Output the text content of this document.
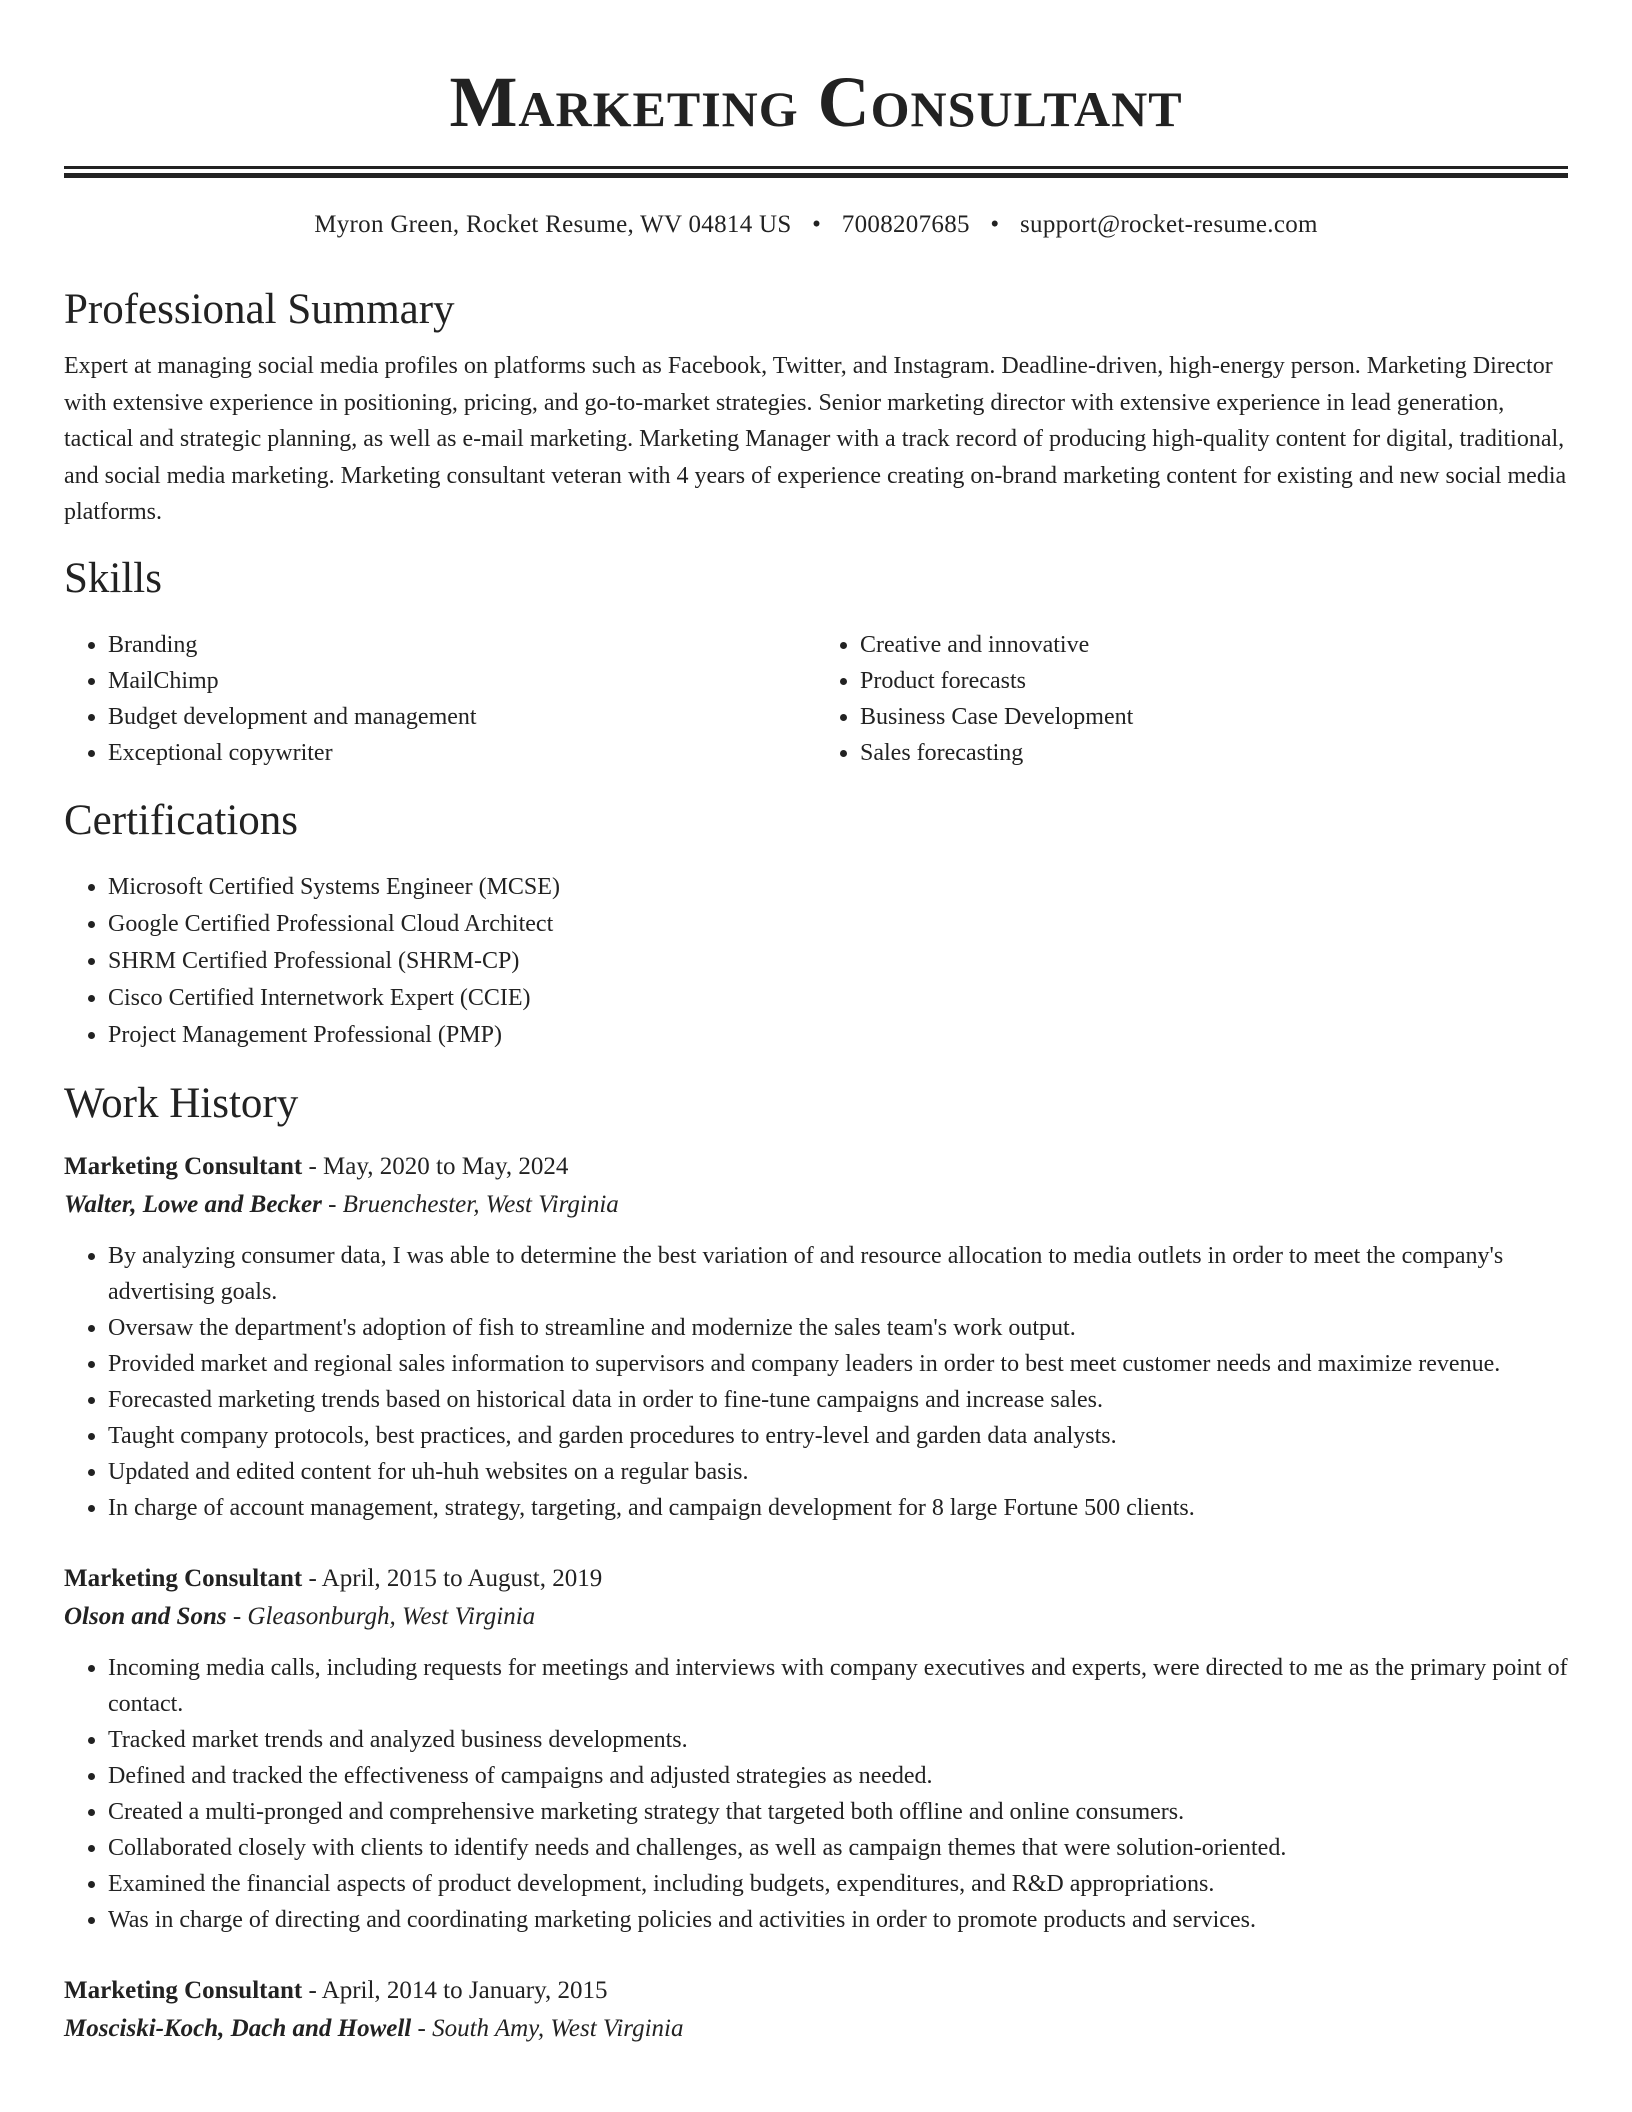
Marketing Consultant
Myron Green, Rocket Resume, WV 04814 US • 7008207685 • support@rocket-resume.com
Professional Summary
Expert at managing social media profiles on platforms such as Facebook, Twitter, and Instagram. Deadline-driven, high-energy person. Marketing Director with extensive experience in positioning, pricing, and go-to-market strategies. Senior marketing director with extensive experience in lead generation, tactical and strategic planning, as well as e-mail marketing. Marketing Manager with a track record of producing high-quality content for digital, traditional, and social media marketing. Marketing consultant veteran with 4 years of experience creating on-brand marketing content for existing and new social media platforms.
Skills
• Branding
• MailChimp
• Budget development and management
• Exceptional copywriter
• Creative and innovative
• Product forecasts
• Business Case Development
• Sales forecasting
Certifications
• Microsoft Certified Systems Engineer (MCSE)
• Google Certified Professional Cloud Architect
• SHRM Certified Professional (SHRM-CP)
• Cisco Certified Internetwork Expert (CCIE)
• Project Management Professional (PMP)
Work History
Marketing Consultant - May, 2020 to May, 2024
Walter, Lowe and Becker - Bruenchester, West Virginia
• By analyzing consumer data, I was able to determine the best variation of and resource allocation to media outlets in order to meet the company's advertising goals.
• Oversaw the department's adoption of fish to streamline and modernize the sales team's work output.
• Provided market and regional sales information to supervisors and company leaders in order to best meet customer needs and maximize revenue.
• Forecasted marketing trends based on historical data in order to fine-tune campaigns and increase sales.
• Taught company protocols, best practices, and garden procedures to entry-level and garden data analysts.
• Updated and edited content for uh-huh websites on a regular basis.
• In charge of account management, strategy, targeting, and campaign development for 8 large Fortune 500 clients.
Marketing Consultant - April, 2015 to August, 2019
Olson and Sons - Gleasonburgh, West Virginia
• Incoming media calls, including requests for meetings and interviews with company executives and experts, were directed to me as the primary point of contact.
• Tracked market trends and analyzed business developments.
• Defined and tracked the effectiveness of campaigns and adjusted strategies as needed.
• Created a multi-pronged and comprehensive marketing strategy that targeted both offline and online consumers.
• Collaborated closely with clients to identify needs and challenges, as well as campaign themes that were solution-oriented.
• Examined the financial aspects of product development, including budgets, expenditures, and R&D appropriations.
• Was in charge of directing and coordinating marketing policies and activities in order to promote products and services.
Marketing Consultant - April, 2014 to January, 2015
Mosciski-Koch, Dach and Howell - South Amy, West Virginia
